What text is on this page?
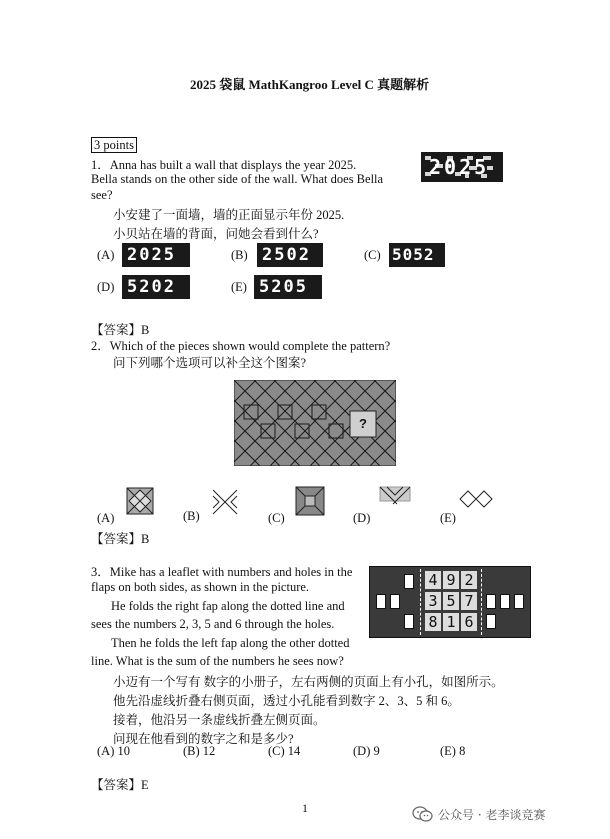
2025 袋鼠 MathKangroo Level C 真题解析
3 points
1．Anna has built a wall that displays the year 2025.
Bella stands on the other side of the wall. What does Bella
see?
小安建了一面墙，墙的正面显示年份 2025.
小贝站在墙的背面，问她会看到什么?
2025
(A) 2025	(B) 2502	(C) 5052
(D) 5202	(E) 5205
【答案】B
2．Which of the pieces shown would complete the pattern?
问下列哪个选项可以补全这个图案?
?
(A)	(B)	(C)	(D)	(E)
【答案】B
3．Mike has a leaflet with numbers and holes in the
flaps on both sides, as shown in the picture.
He folds the right fap along the dotted line and
sees the numbers 2, 3, 5 and 6 through the holes.
Then he folds the left fap along the other dotted
line. What is the sum of the numbers he sees now?
小迈有一个写有 数字的小册子，左右两侧的页面上有小孔，如图所示。
他先沿虚线折叠右侧页面，透过小孔能看到数字 2、3、5 和 6。
接着，他沿另一条虚线折叠左侧页面。
问现在他看到的数字之和是多少?
4 9 2
3 5 7
8 1 6
(A) 10	(B) 12	(C) 14	(D) 9	(E) 8
【答案】E
1	公众号 · 老李谈竞赛
